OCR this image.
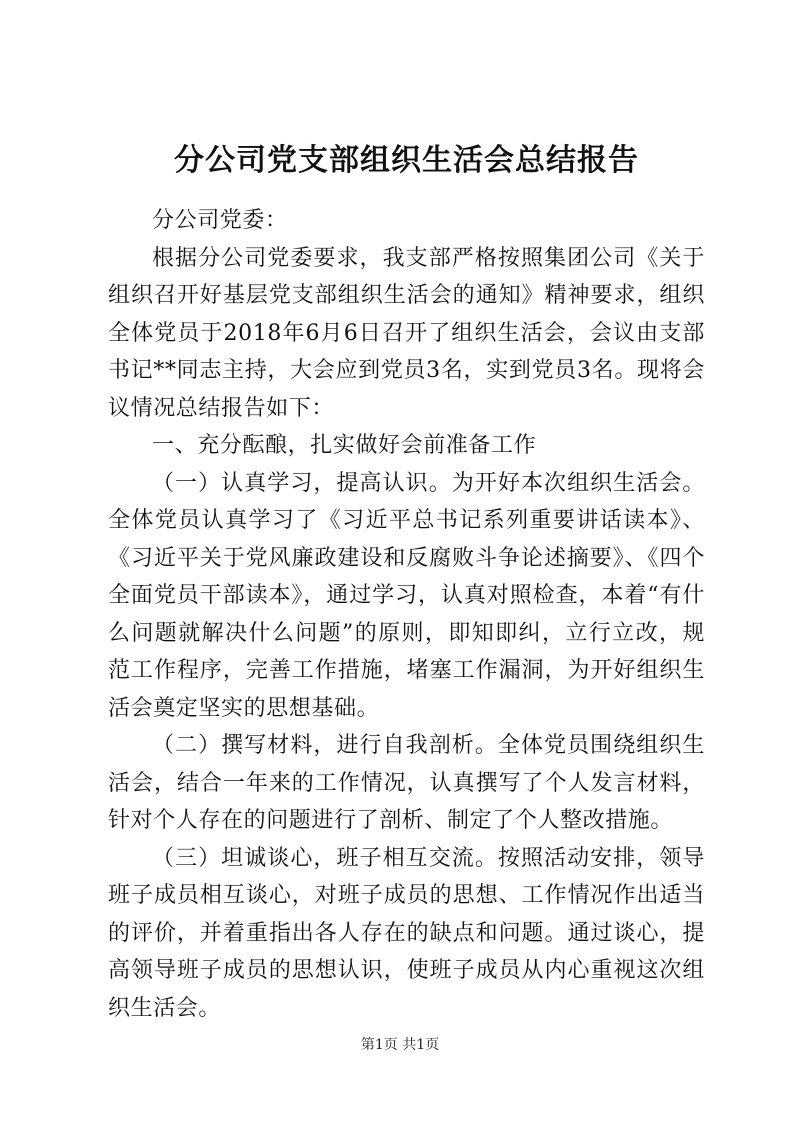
分公司党支部组织生活会总结报告

分公司党委：

根据分公司党委要求，我支部严格按照集团公司《关于组织召开好基层党支部组织生活会的通知》精神要求，组织全体党员于2018年6月6日召开了组织生活会，会议由支部书记**同志主持，大会应到党员3名，实到党员3名。现将会议情况总结报告如下：

一、充分酝酿，扎实做好会前准备工作

（一）认真学习，提高认识。为开好本次组织生活会。全体党员认真学习了《习近平总书记系列重要讲话读本》、《习近平关于党风廉政建设和反腐败斗争论述摘要》、《四个全面党员干部读本》，通过学习，认真对照检查，本着“有什么问题就解决什么问题”的原则，即知即纠，立行立改，规范工作程序，完善工作措施，堵塞工作漏洞，为开好组织生活会奠定坚实的思想基础。

（二）撰写材料，进行自我剖析。全体党员围绕组织生活会，结合一年来的工作情况，认真撰写了个人发言材料，针对个人存在的问题进行了剖析、制定了个人整改措施。

（三）坦诚谈心，班子相互交流。按照活动安排，领导班子成员相互谈心，对班子成员的思想、工作情况作出适当的评价，并着重指出各人存在的缺点和问题。通过谈心，提高领导班子成员的思想认识，使班子成员从内心重视这次组织生活会。

第1页 共1页
